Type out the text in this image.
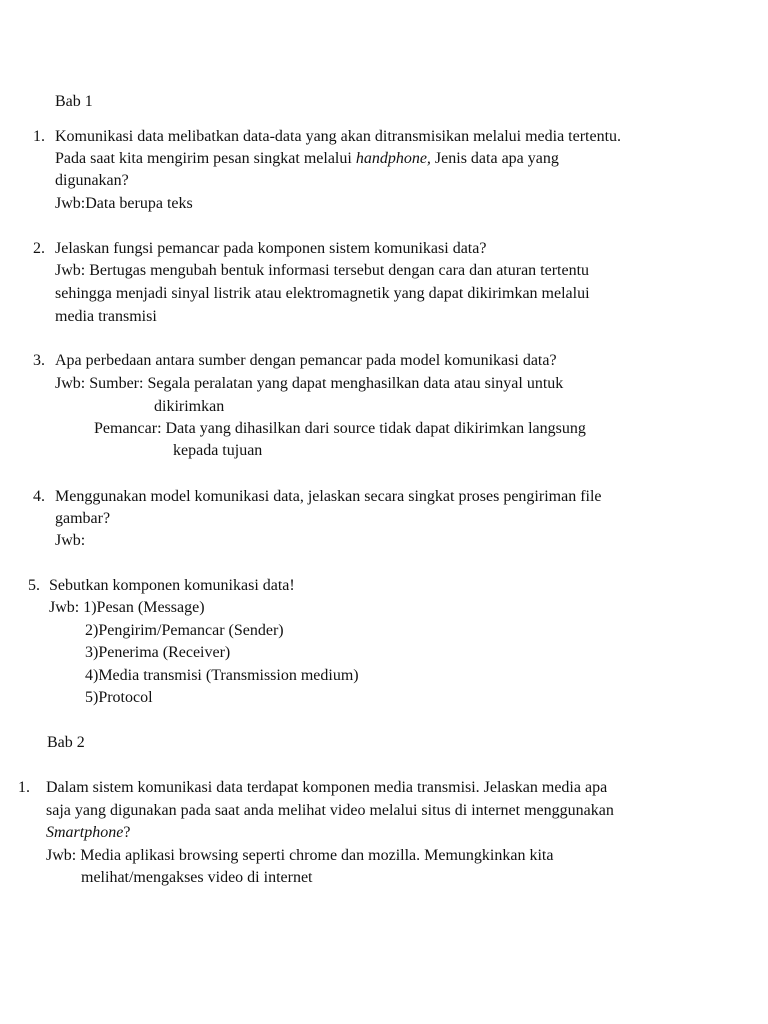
Bab 1
1. Komunikasi data melibatkan data-data yang akan ditransmisikan melalui media tertentu.
Pada saat kita mengirim pesan singkat melalui handphone, Jenis data apa yang
digunakan?
Jwb:Data berupa teks
2. Jelaskan fungsi pemancar pada komponen sistem komunikasi data?
Jwb: Bertugas mengubah bentuk informasi tersebut dengan cara dan aturan tertentu
sehingga menjadi sinyal listrik atau elektromagnetik yang dapat dikirimkan melalui
media transmisi
3. Apa perbedaan antara sumber dengan pemancar pada model komunikasi data?
Jwb: Sumber: Segala peralatan yang dapat menghasilkan data atau sinyal untuk
dikirimkan
Pemancar: Data yang dihasilkan dari source tidak dapat dikirimkan langsung
kepada tujuan
4. Menggunakan model komunikasi data, jelaskan secara singkat proses pengiriman file
gambar?
Jwb:
5. Sebutkan komponen komunikasi data!
Jwb: 1)Pesan (Message)
2)Pengirim/Pemancar (Sender)
3)Penerima (Receiver)
4)Media transmisi (Transmission medium)
5)Protocol
Bab 2
1. Dalam sistem komunikasi data terdapat komponen media transmisi. Jelaskan media apa
saja yang digunakan pada saat anda melihat video melalui situs di internet menggunakan
Smartphone?
Jwb: Media aplikasi browsing seperti chrome dan mozilla. Memungkinkan kita
melihat/mengakses video di internet
